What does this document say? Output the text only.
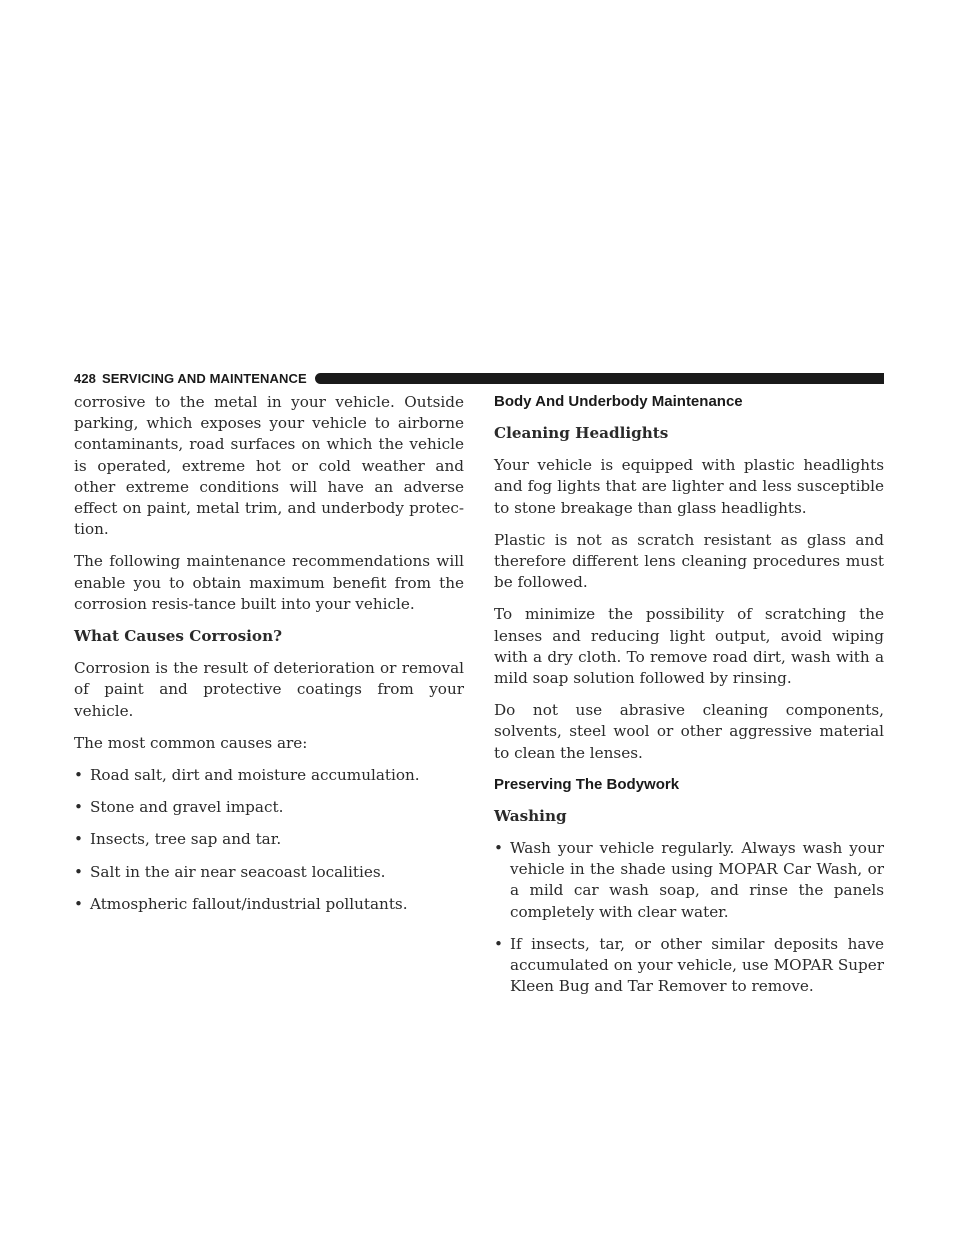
428 SERVICING AND MAINTENANCE

corrosive to the metal in your vehicle. Outside parking, which exposes your vehicle to airborne contaminants, road surfaces on which the vehicle is operated, extreme hot or cold weather and other extreme conditions will have an adverse effect on paint, metal trim, and underbody protec-tion.

The following maintenance recommendations will enable you to obtain maximum benefit from the corrosion resis-tance built into your vehicle.

What Causes Corrosion?

Corrosion is the result of deterioration or removal of paint and protective coatings from your vehicle.

The most common causes are:

• Road salt, dirt and moisture accumulation.
• Stone and gravel impact.
• Insects, tree sap and tar.
• Salt in the air near seacoast localities.
• Atmospheric fallout/industrial pollutants.
Body And Underbody Maintenance
Cleaning Headlights

Your vehicle is equipped with plastic headlights and fog lights that are lighter and less susceptible to stone breakage than glass headlights.

Plastic is not as scratch resistant as glass and therefore different lens cleaning procedures must be followed.

To minimize the possibility of scratching the lenses and reducing light output, avoid wiping with a dry cloth. To remove road dirt, wash with a mild soap solution followed by rinsing.

Do not use abrasive cleaning components, solvents, steel wool or other aggressive material to clean the lenses.

Preserving The Bodywork
Washing
• Wash your vehicle regularly. Always wash your vehicle in the shade using MOPAR Car Wash, or a mild car wash soap, and rinse the panels completely with clear water.
• If insects, tar, or other similar deposits have accumulated on your vehicle, use MOPAR Super Kleen Bug and Tar Remover to remove.
